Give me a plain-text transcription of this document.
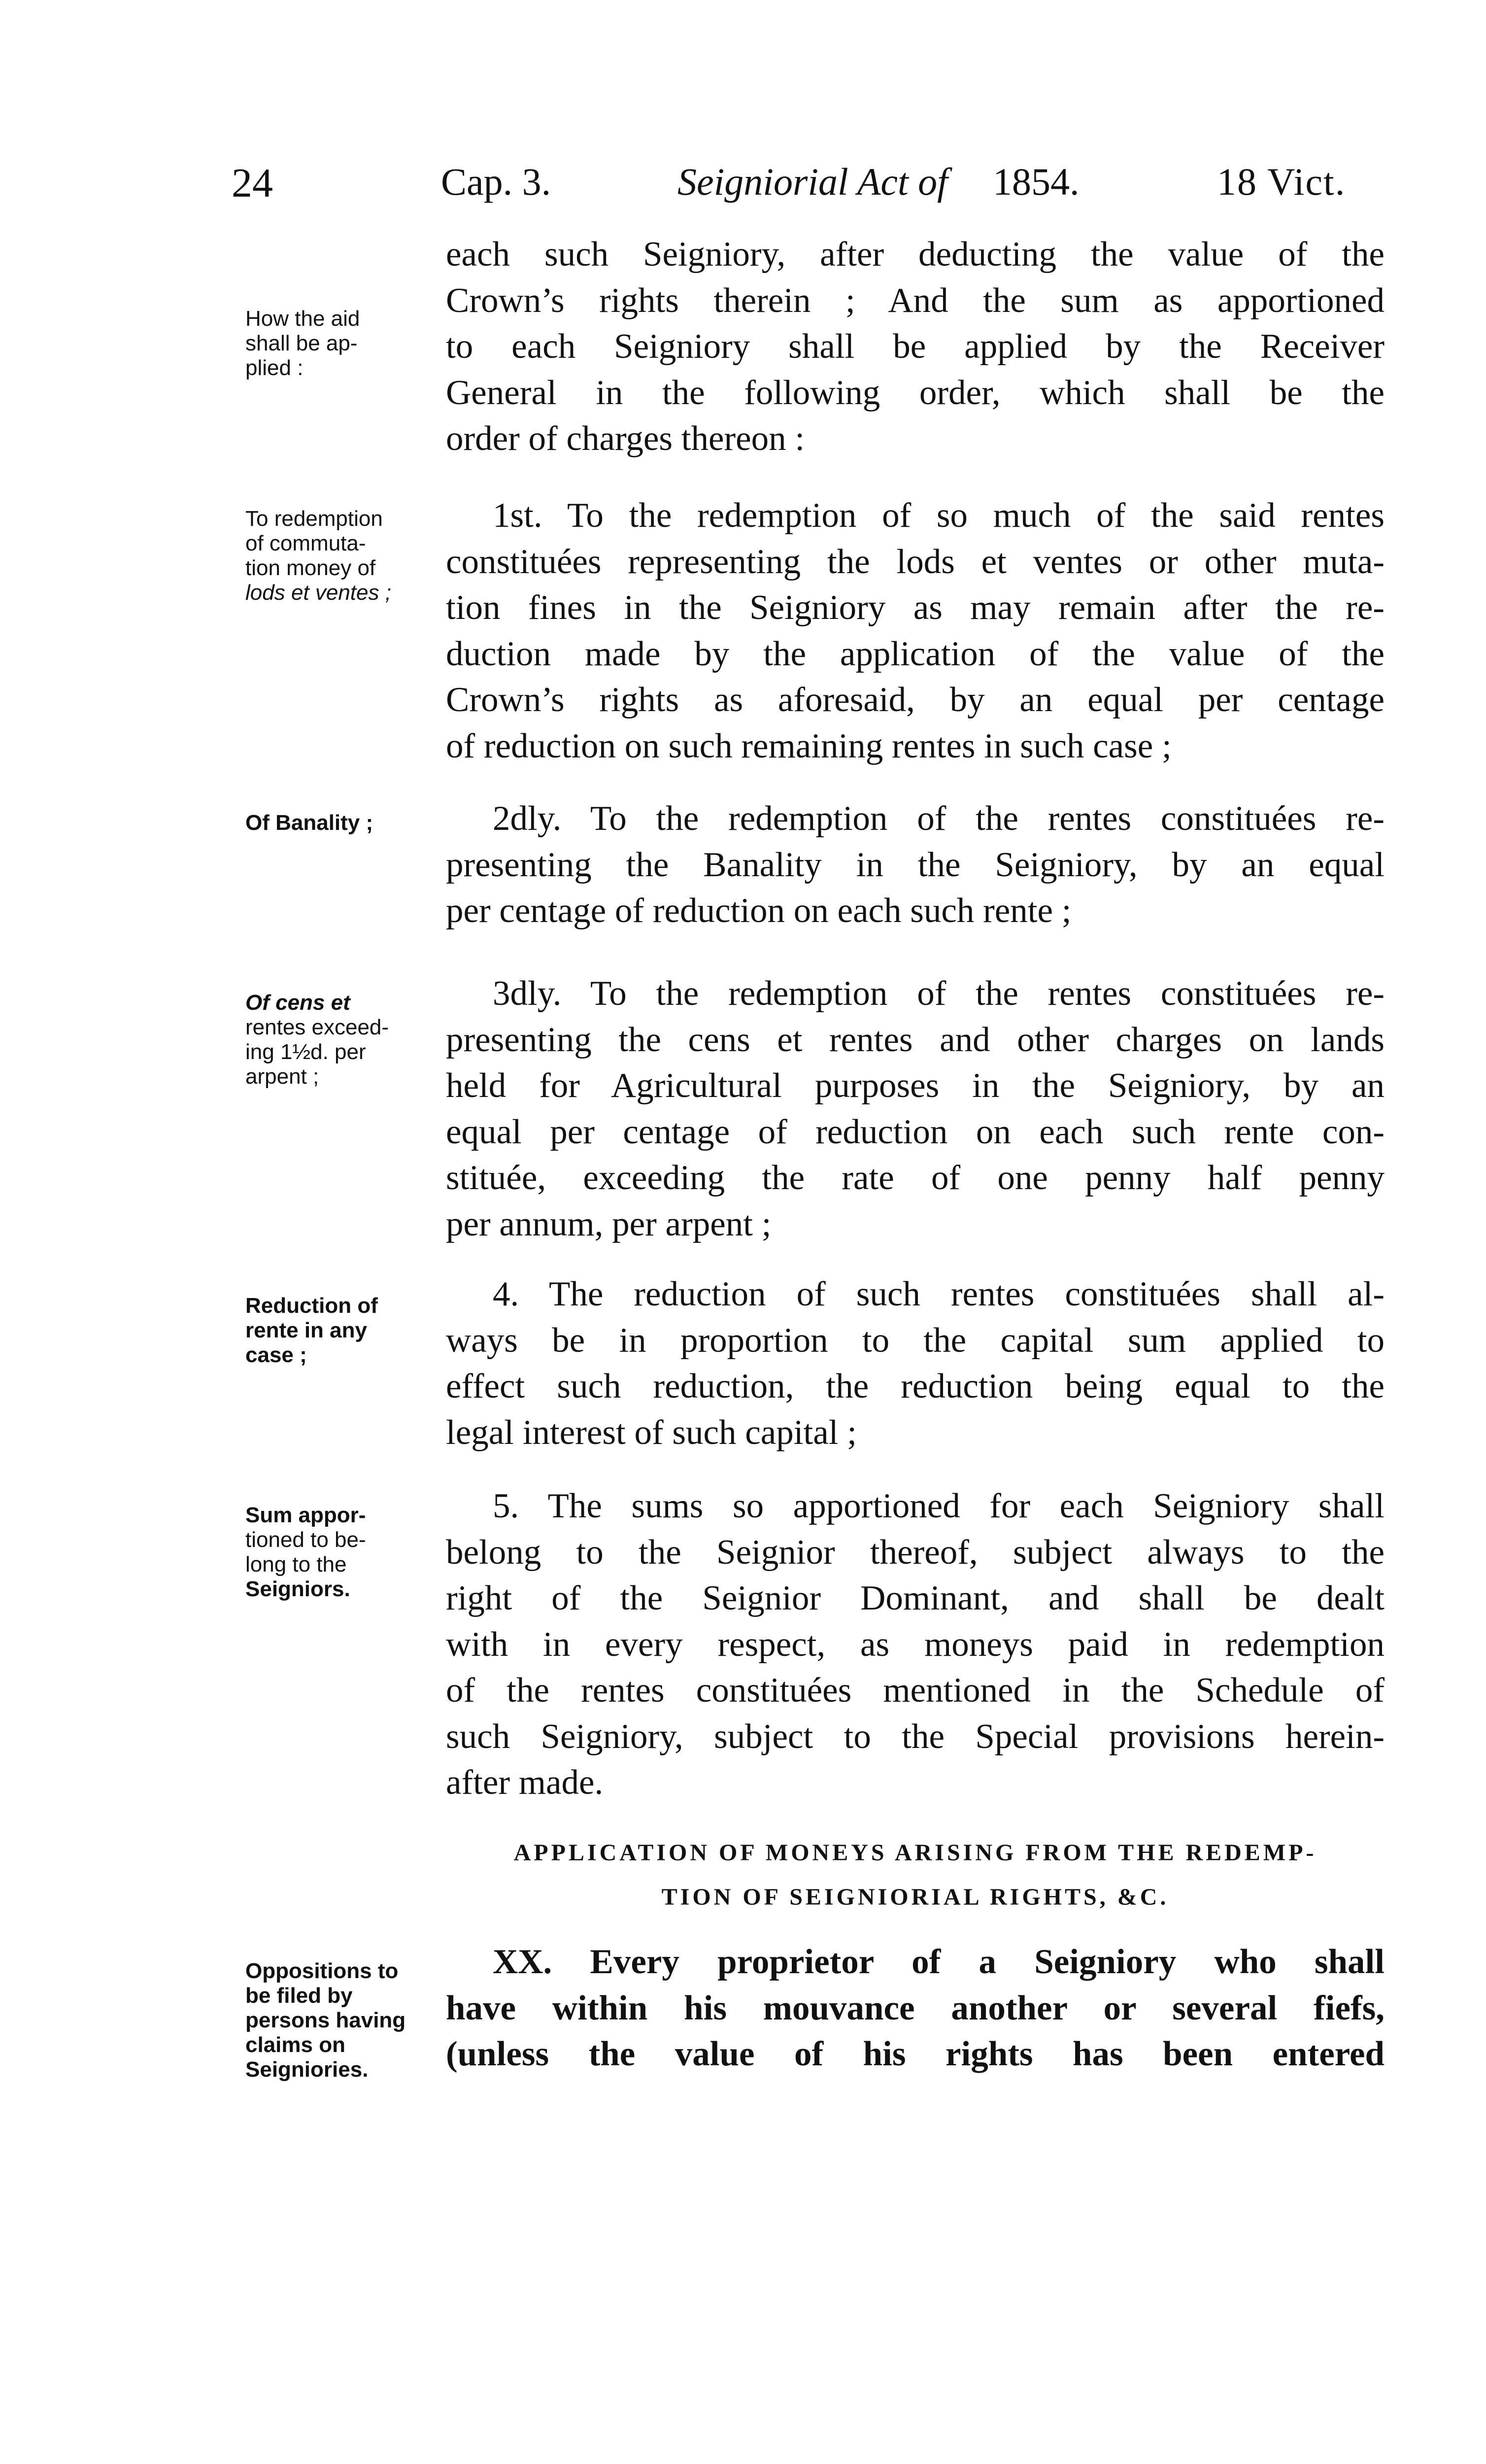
24	Cap. 3.	Seigniorial Act of 1854.	18 Vict.
each such Seigniory, after deducting the value of the
Crown’s rights therein ; And the sum as apportioned
to each Seigniory shall be applied by the Receiver
General in the following order, which shall be the
order of charges thereon :
How the aid
shall be ap-
plied :
1st. To the redemption of so much of the said rentes
constituées representing the lods et ventes or other muta-
tion fines in the Seigniory as may remain after the re-
duction made by the application of the value of the
Crown’s rights as aforesaid, by an equal per centage
of reduction on such remaining rentes in such case ;
To redemption
of commuta-
tion money of
lods et ventes ;
2dly. To the redemption of the rentes constituées re-
presenting the Banality in the Seigniory, by an equal
per centage of reduction on each such rente ;
Of Banality ;
3dly. To the redemption of the rentes constituées re-
presenting the cens et rentes and other charges on lands
held for Agricultural purposes in the Seigniory, by an
equal per centage of reduction on each such rente con-
stituée, exceeding the rate of one penny half penny
per annum, per arpent ;
Of cens et
rentes exceed-
ing 1½d. per
arpent ;
4. The reduction of such rentes constituées shall al-
ways be in proportion to the capital sum applied to
effect such reduction, the reduction being equal to the
legal interest of such capital ;
Reduction of
rente in any
case ;
5. The sums so apportioned for each Seigniory shall
belong to the Seignior thereof, subject always to the
right of the Seignior Dominant, and shall be dealt
with in every respect, as moneys paid in redemption
of the rentes constituées mentioned in the Schedule of
such Seigniory, subject to the Special provisions herein-
after made.
Sum appor-
tioned to be-
long to the
Seigniors.
APPLICATION OF MONEYS ARISING FROM THE REDEMP-
TION OF SEIGNIORIAL RIGHTS, &C.
XX. Every proprietor of a Seigniory who shall
have within his mouvance another or several fiefs,
(unless the value of his rights has been entered
Oppositions to
be filed by
persons having
claims on
Seigniories.
